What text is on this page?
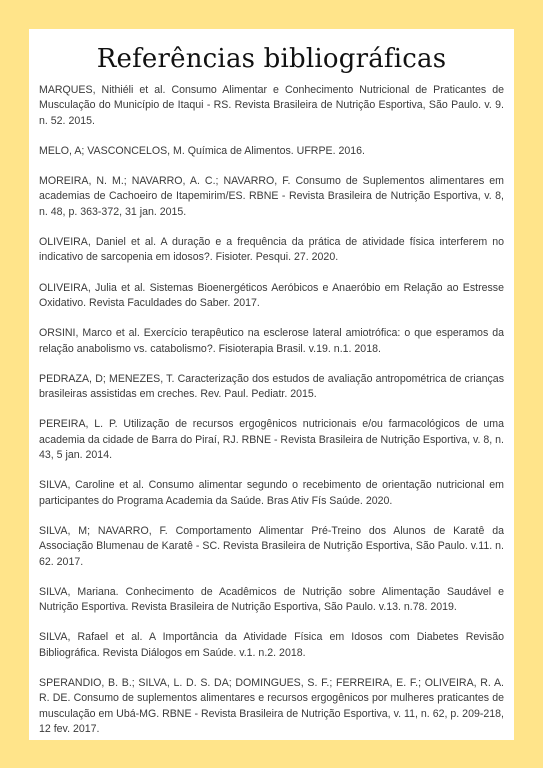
Referências bibliográficas
MARQUES, Nithiéli et al. Consumo Alimentar e Conhecimento Nutricional de Praticantes de Musculação do Município de Itaqui - RS. Revista Brasileira de Nutrição Esportiva, São Paulo. v. 9. n. 52. 2015.
MELO, A; VASCONCELOS, M. Química de Alimentos. UFRPE. 2016.
MOREIRA, N. M.; NAVARRO, A. C.; NAVARRO, F. Consumo de Suplementos alimentares em academias de Cachoeiro de Itapemirim/ES. RBNE - Revista Brasileira de Nutrição Esportiva, v. 8, n. 48, p. 363-372, 31 jan. 2015.
OLIVEIRA, Daniel et al. A duração e a frequência da prática de atividade física interferem no indicativo de sarcopenia em idosos?. Fisioter. Pesqui. 27. 2020.
OLIVEIRA, Julia et al. Sistemas Bioenergéticos Aeróbicos e Anaeróbio em Relação ao Estresse Oxidativo. Revista Faculdades do Saber. 2017.
ORSINI, Marco et al. Exercício terapêutico na esclerose lateral amiotrófica: o que esperamos da relação anabolismo vs. catabolismo?. Fisioterapia Brasil. v.19. n.1. 2018.
PEDRAZA, D; MENEZES, T. Caracterização dos estudos de avaliação antropométrica de crianças brasileiras assistidas em creches. Rev. Paul. Pediatr. 2015.
PEREIRA, L. P. Utilização de recursos ergogênicos nutricionais e/ou farmacológicos de uma academia da cidade de Barra do Piraí, RJ. RBNE - Revista Brasileira de Nutrição Esportiva, v. 8, n. 43, 5 jan. 2014.
SILVA, Caroline et al. Consumo alimentar segundo o recebimento de orientação nutricional em participantes do Programa Academia da Saúde. Bras Ativ Fís Saúde. 2020.
SILVA, M; NAVARRO, F. Comportamento Alimentar Pré-Treino dos Alunos de Karatê da Associação Blumenau de Karatê - SC. Revista Brasileira de Nutrição Esportiva, São Paulo. v.11. n. 62. 2017.
SILVA, Mariana. Conhecimento de Acadêmicos de Nutrição sobre Alimentação Saudável e Nutrição Esportiva. Revista Brasileira de Nutrição Esportiva, São Paulo. v.13. n.78. 2019.
SILVA, Rafael et al. A Importância da Atividade Física em Idosos com Diabetes Revisão Bibliográfica. Revista Diálogos em Saúde. v.1. n.2. 2018.
SPERANDIO, B. B.; SILVA, L. D. S. DA; DOMINGUES, S. F.; FERREIRA, E. F.; OLIVEIRA, R. A. R. DE. Consumo de suplementos alimentares e recursos ergogênicos por mulheres praticantes de musculação em Ubá-MG. RBNE - Revista Brasileira de Nutrição Esportiva, v. 11, n. 62, p. 209-218, 12 fev. 2017.
